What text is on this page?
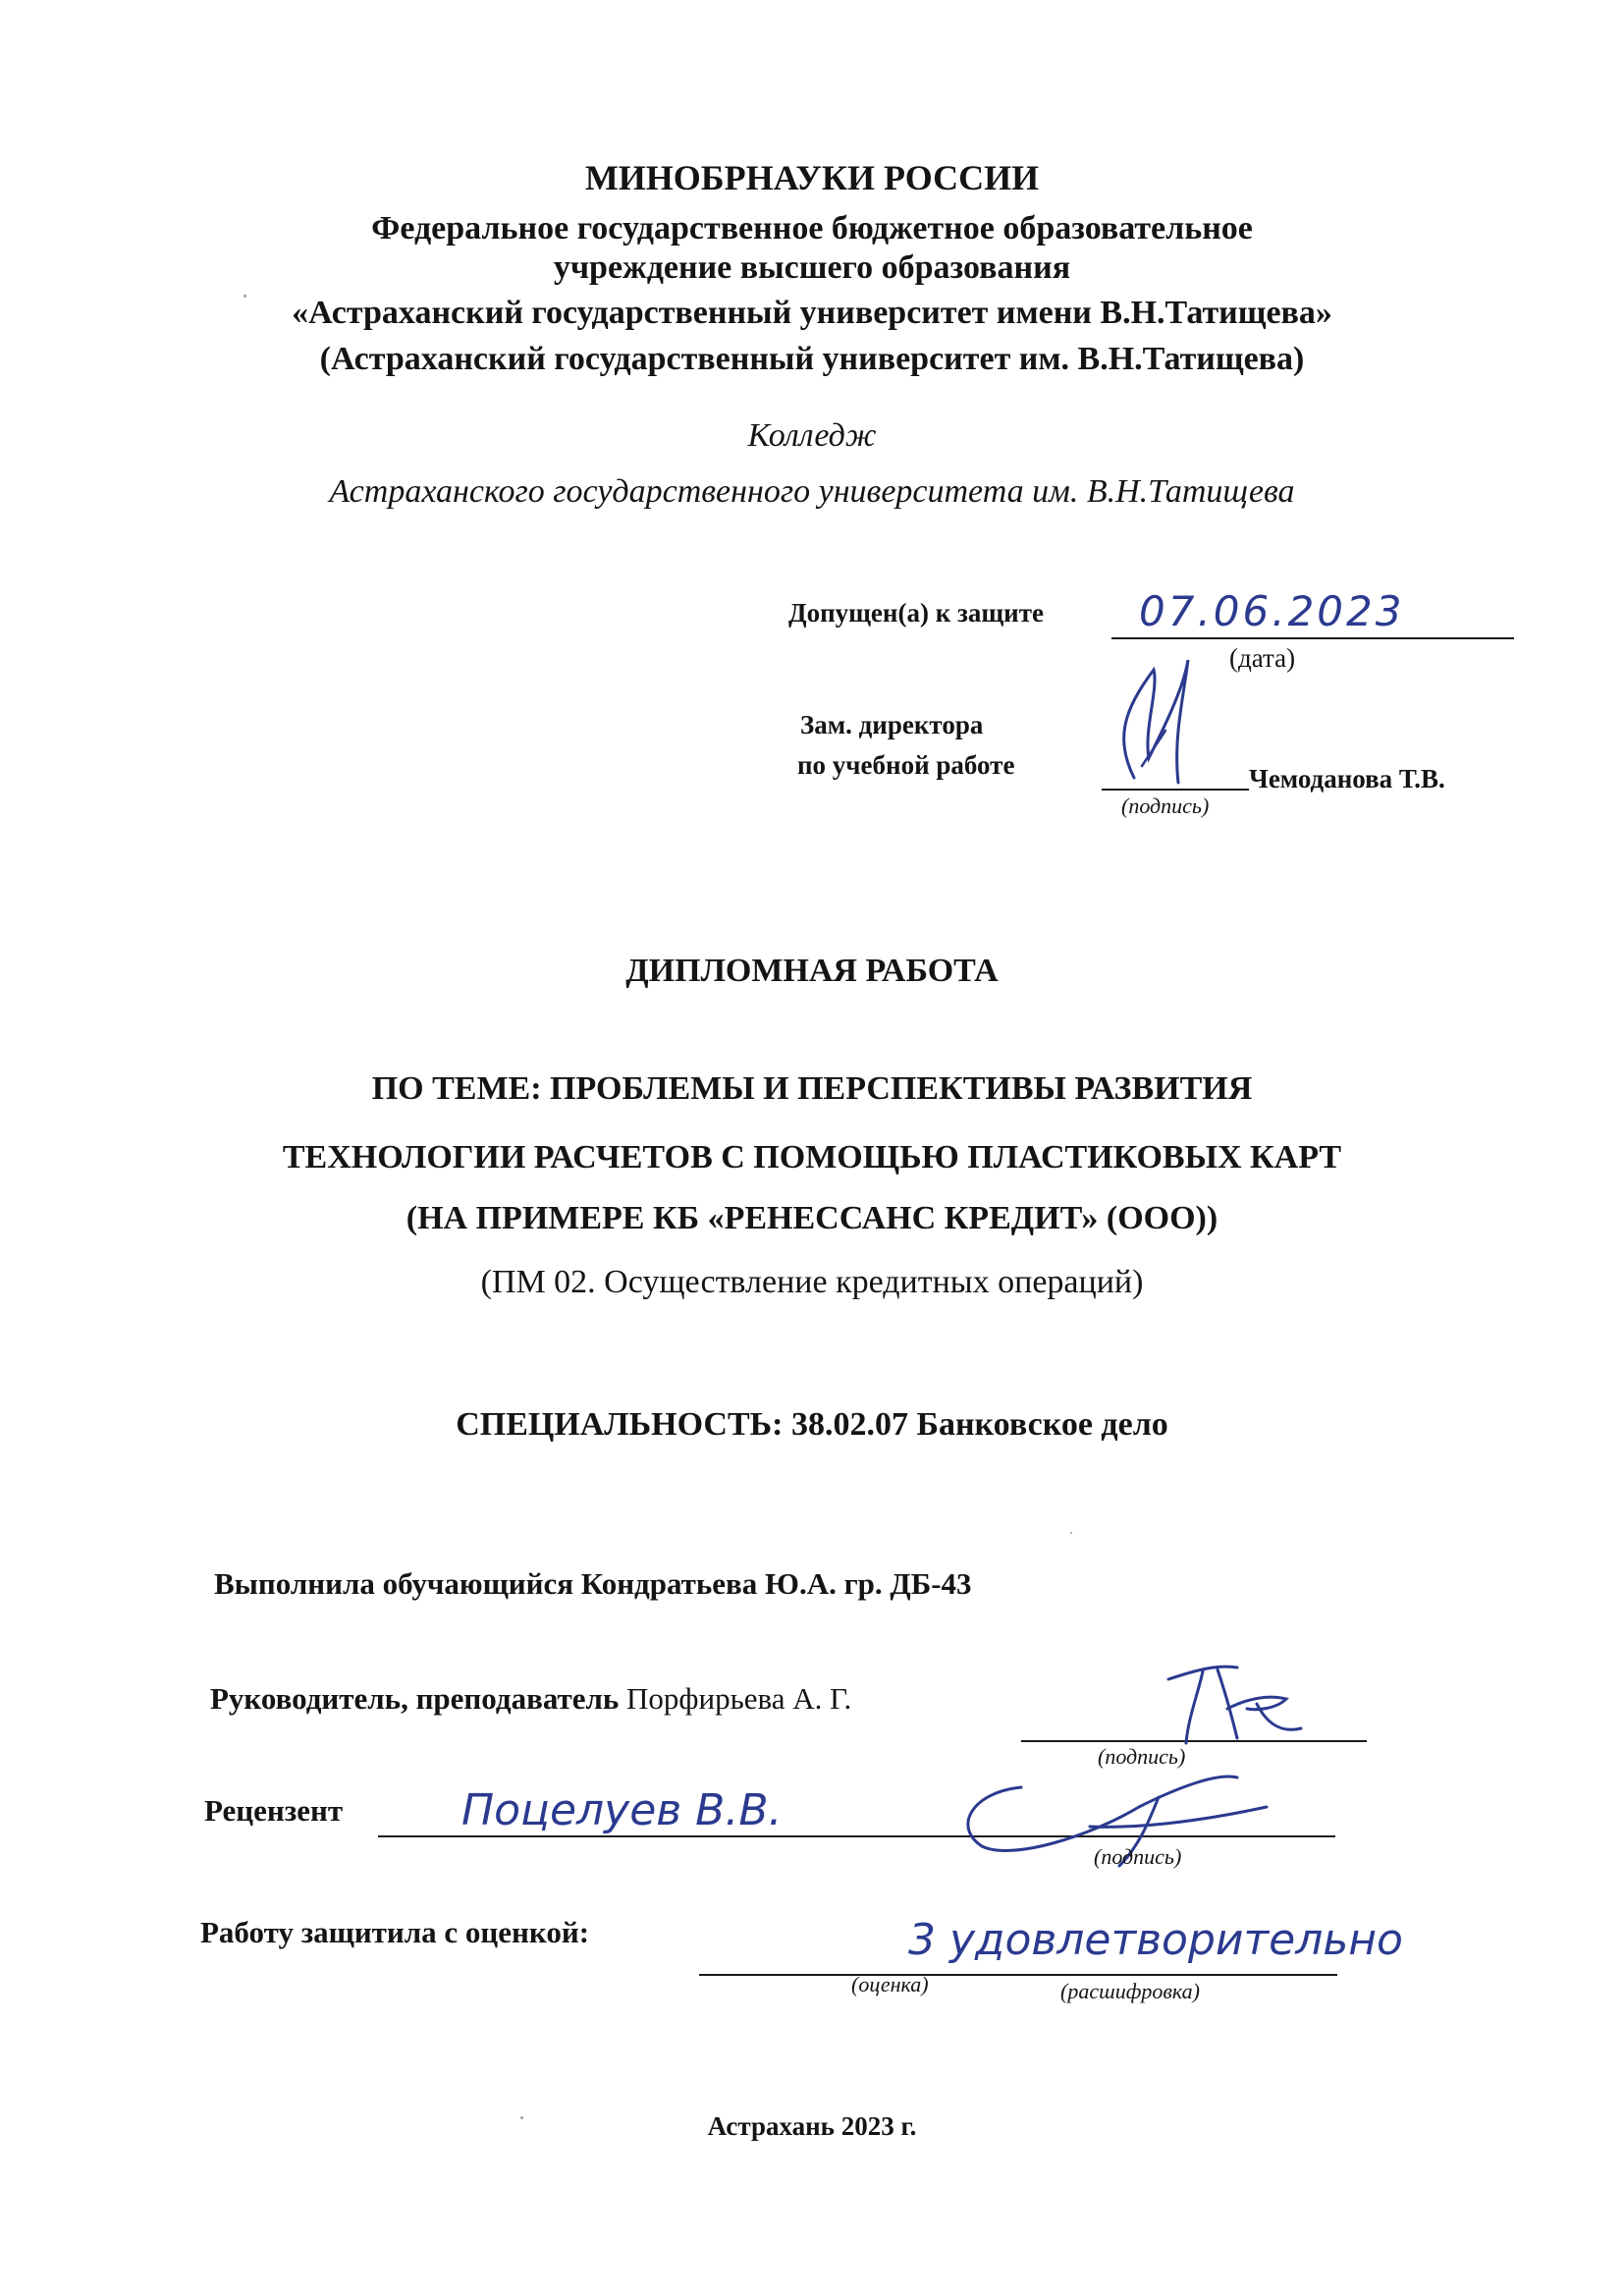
МИНОБРНАУКИ РОССИИ
Федеральное государственное бюджетное образовательное
учреждение высшего образования
«Астраханский государственный университет имени В.Н.Татищева»
(Астраханский государственный университет им. В.Н.Татищева)
Колледж
Астраханского государственного университета им. В.Н.Татищева
Допущен(а) к защите 07.06.2023
(дата)
Зам. директора
по учебной работе	Чемоданова Т.В.
(подпись)
ДИПЛОМНАЯ РАБОТА
ПО ТЕМЕ: ПРОБЛЕМЫ И ПЕРСПЕКТИВЫ РАЗВИТИЯ
ТЕХНОЛОГИИ РАСЧЕТОВ С ПОМОЩЬЮ ПЛАСТИКОВЫХ КАРТ
(НА ПРИМЕРЕ КБ «РЕНЕССАНС КРЕДИТ» (ООО))
(ПМ 02. Осуществление кредитных операций)
СПЕЦИАЛЬНОСТЬ: 38.02.07 Банковское дело
Выполнила обучающийся Кондратьева Ю.А. гр. ДБ-43
Руководитель, преподаватель Порфирьева А. Г.
(подпись)
Рецензент	Поцелуев В.В.
(подпись)
Работу защитила с оценкой:	3 удовлетворительно
(оценка)	(расшифровка)
Астрахань 2023 г.
